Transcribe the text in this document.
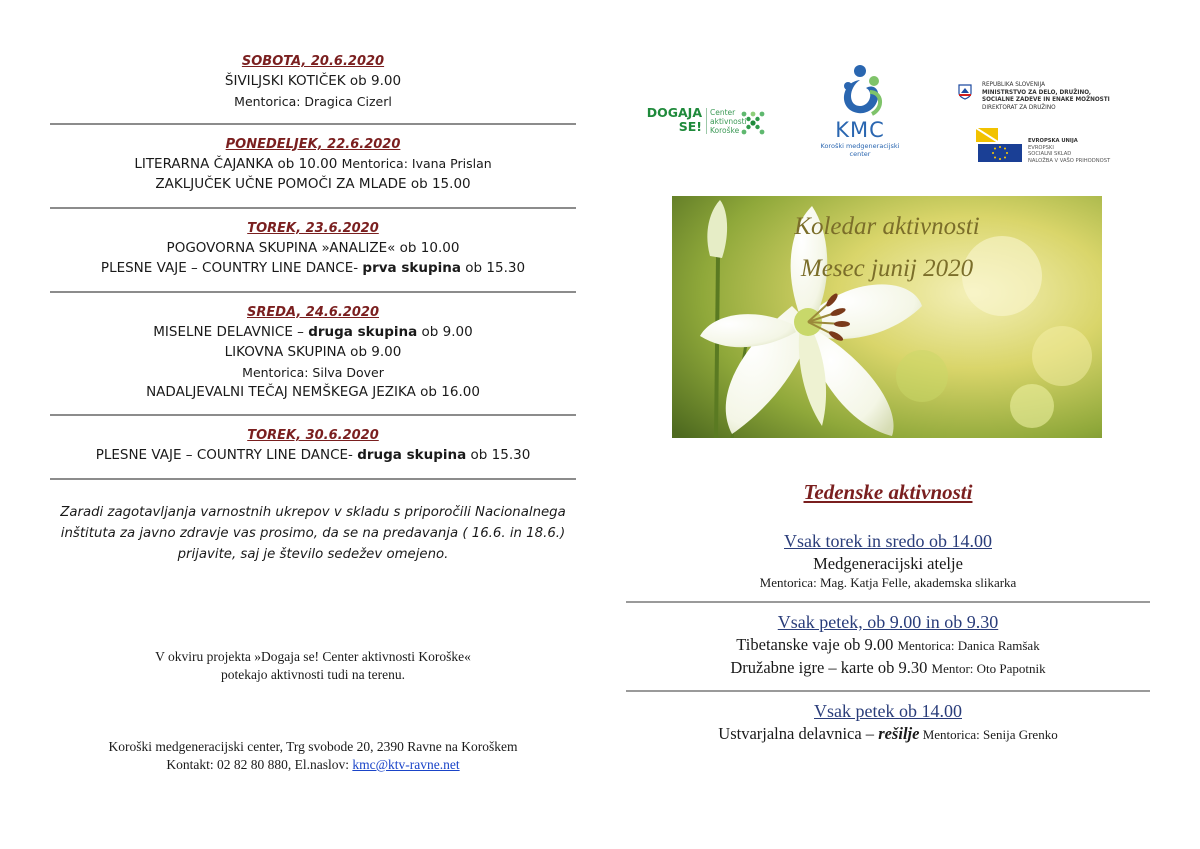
SOBOTA, 20.6.2020
ŠIVILJSKI KOTIČEK ob 9.00
Mentorica: Dragica Cizerl
PONEDELJEK, 22.6.2020
LITERARNA ČAJANKA ob 10.00 Mentorica: Ivana Prislan
ZAKLJUČEK UČNE POMOČI ZA MLADE ob 15.00
TOREK, 23.6.2020
POGOVORNA SKUPINA »ANALIZE« ob 10.00
PLESNE VAJE – COUNTRY LINE DANCE- prva skupina ob 15.30
SREDA, 24.6.2020
MISELNE DELAVNICE – druga skupina ob 9.00
LIKOVNA SKUPINA ob 9.00
Mentorica: Silva Dover
NADALJEVALNI TEČAJ NEMŠKEGA JEZIKA ob 16.00
TOREK, 30.6.2020
PLESNE VAJE – COUNTRY LINE DANCE- druga skupina ob 15.30
Zaradi zagotavljanja varnostnih ukrepov v skladu s priporočili Nacionalnega
inštituta za javno zdravje vas prosimo, da se na predavanja ( 16.6. in 18.6.)
prijavite, saj je število sedežev omejeno.
V okviru projekta »Dogaja se! Center aktivnosti Koroške«
potekajo aktivnosti tudi na terenu.
Koroški medgeneracijski center, Trg svobode 20, 2390 Ravne na Koroškem
Kontakt: 02 82 80 880, El.naslov: kmc@ktv-ravne.net
DOGAJA
SE!
Center
aktivnosti
Koroške	KMC
Koroški medgeneracijski
center
REPUBLIKA SLOVENIJA
MINISTRSTVO ZA DELO, DRUŽINO,
SOCIALNE ZADEVE IN ENAKE MOŽNOSTI
DIREKTORAT ZA DRUŽINO
EVROPSKA UNIJA
EVROPSKI
SOCIALNI SKLAD
NALOŽBA V VAŠO PRIHODNOST
Koledar aktivnosti
Mesec junij 2020
Tedenske aktivnosti
Vsak torek in sredo ob 14.00
Medgeneracijski atelje
Mentorica: Mag. Katja Felle, akademska slikarka
Vsak petek, ob 9.00 in ob 9.30
Tibetanske vaje ob 9.00 Mentorica: Danica Ramšak
Družabne igre – karte ob 9.30 Mentor: Oto Papotnik
Vsak petek ob 14.00
Ustvarjalna delavnica – rešilje Mentorica: Senija Grenko
